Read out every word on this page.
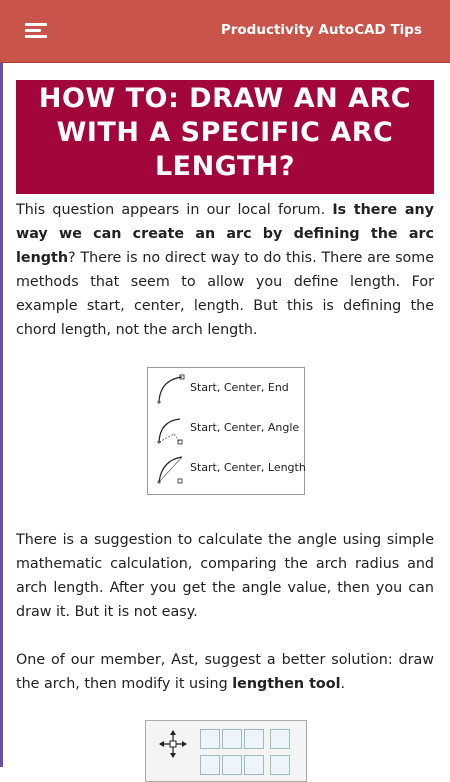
Productivity AutoCAD Tips
HOW TO: DRAW AN ARC WITH A SPECIFIC ARC LENGTH?

This question appears in our local forum. Is there any way we can create an arc by defining the arc length? There is no direct way to do this. There are some methods that seem to allow you define length. For example start, center, length. But this is defining the chord length, not the arch length.

Start, Center, End
Start, Center, Angle
Start, Center, Length

There is a suggestion to calculate the angle using simple mathematic calculation, comparing the arch radius and arch length. After you get the angle value, then you can draw it. But it is not easy.

One of our member, Ast, suggest a better solution: draw the arch, then modify it using lengthen tool.
